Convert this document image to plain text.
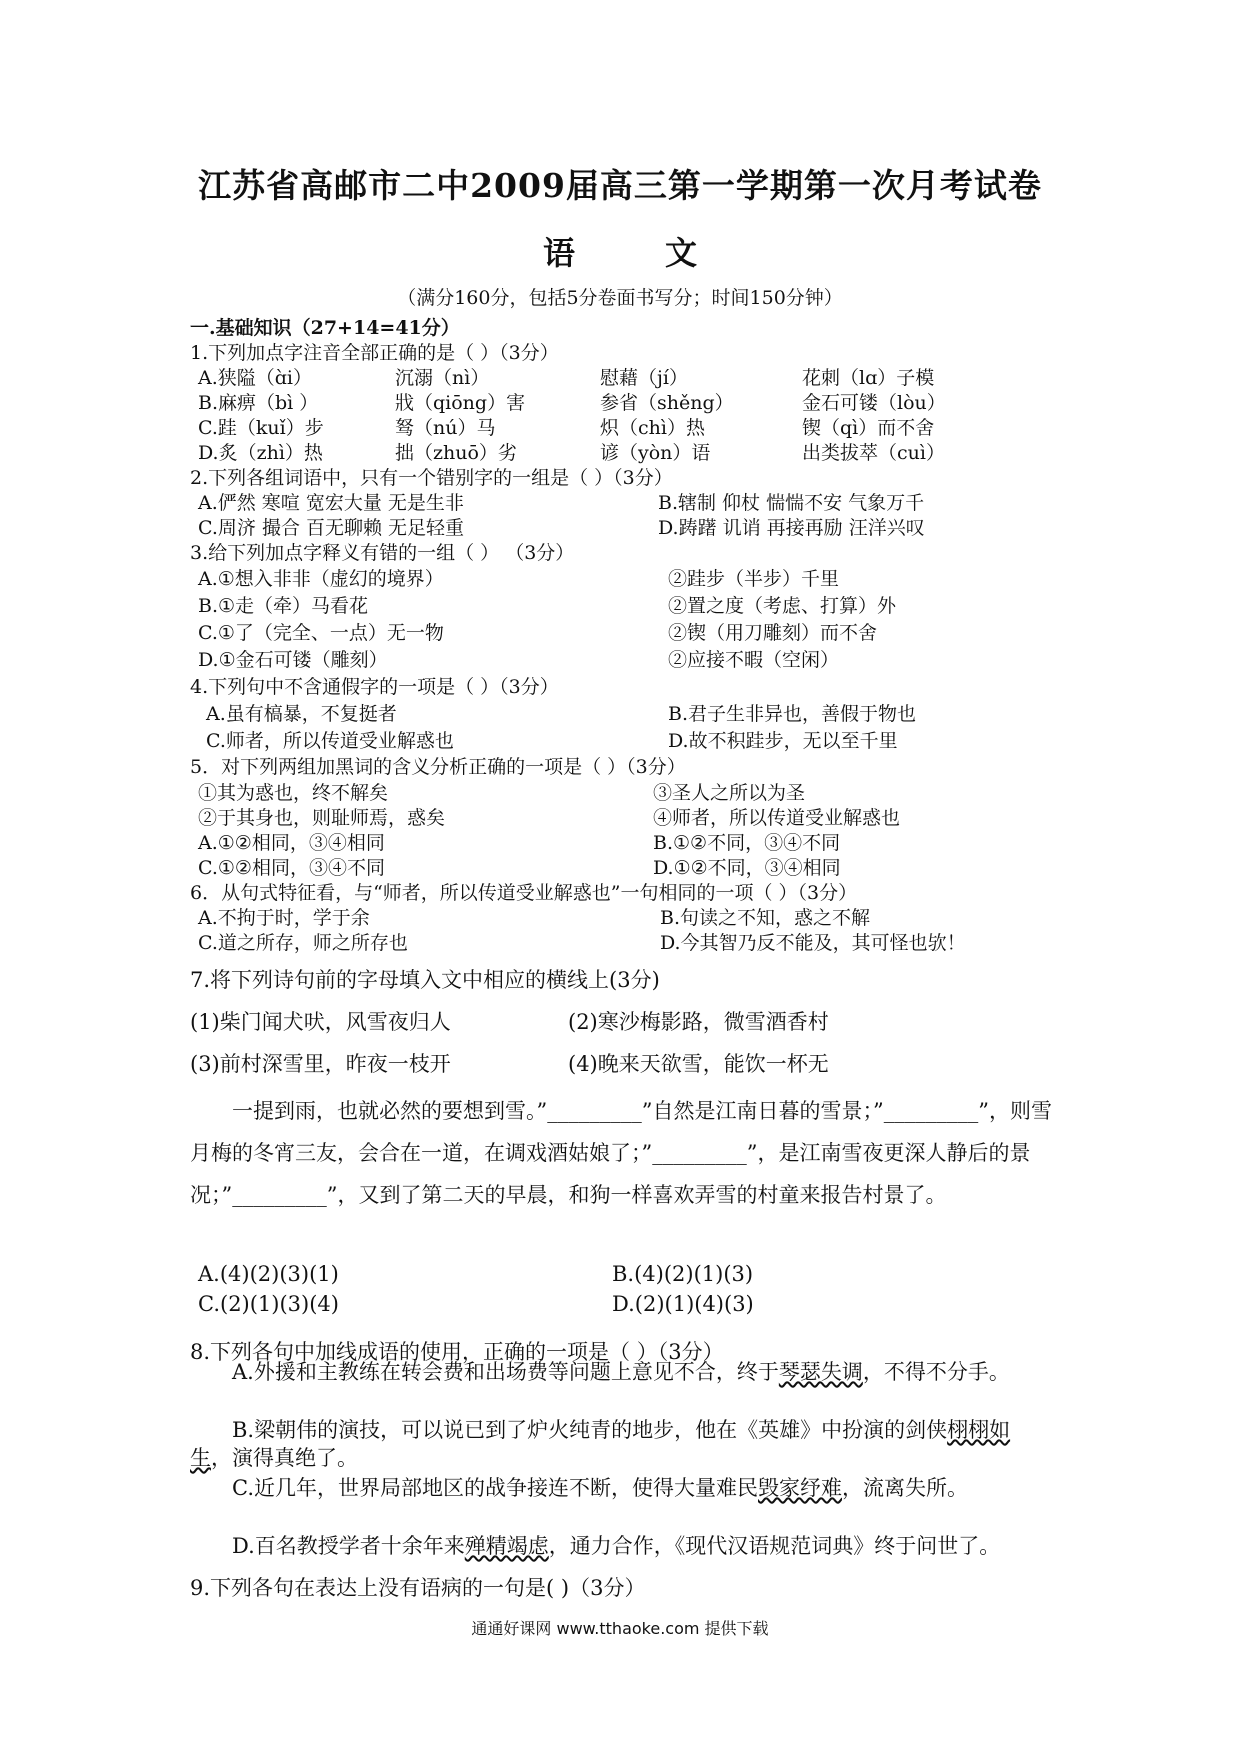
江苏省高邮市二中2009届高三第一学期第一次月考试卷
语文
（满分160分，包括5分卷面书写分；时间150分钟）
一.基础知识（27+14=41分）
1.下列加点字注音全部正确的是（ ）（3分）
A.狭隘（ɑ̀i）	沉溺（nì）	慰藉（jí）	花刺（lɑ）子模
B.麻痹（bì ）	戕（qiōng）害	参省（shěng）	金石可镂（lòu）
C.跬（kuǐ）步	驽（nú）马	炽（chì）热	锲（qì）而不舍
D.炙（zhì）热	拙（zhuō）劣	谚（yòn）语	出类拔萃（cuì）
2.下列各组词语中，只有一个错别字的一组是（ ）（3分）
A.俨然 寒喧 宽宏大量 无是生非	B.辖制 仰杖 惴惴不安 气象万千
C.周济 撮合 百无聊赖 无足轻重	D.踌躇 讥诮 再接再励 汪洋兴叹
3.给下列加点字释义有错的一组（ ） （3分）
A.①想入非非（虚幻的境界）	②跬步（半步）千里
B.①走（牵）马看花	②置之度（考虑、打算）外
C.①了（完全、一点）无一物	②锲（用刀雕刻）而不舍
D.①金石可镂（雕刻）	②应接不暇（空闲）
4.下列句中不含通假字的一项是（ ）（3分）
A.虽有槁暴，不复挺者	B.君子生非异也，善假于物也
C.师者，所以传道受业解惑也	D.故不积跬步，无以至千里
5．对下列两组加黑词的含义分析正确的一项是（ ）（3分）
①其为惑也，终不解矣	③圣人之所以为圣
②于其身也，则耻师焉，惑矣	④师者，所以传道受业解惑也
A.①②相同，③④相同	B.①②不同，③④不同
C.①②相同，③④不同	D.①②不同，③④相同
6．从句式特征看，与“师者，所以传道受业解惑也”一句相同的一项（ ）（3分）
A.不拘于时，学于余	B.句读之不知，惑之不解
C.道之所存，师之所存也	D.今其智乃反不能及，其可怪也欤！
7.将下列诗句前的字母填入文中相应的横线上(3分)
(1)柴门闻犬吠，风雪夜归人	(2)寒沙梅影路，微雪酒香村
(3)前村深雪里，昨夜一枝开	(4)晚来天欲雪，能饮一杯无
一提到雨，也就必然的要想到雪。”_________”自然是江南日暮的雪景；”_________”，则雪月梅的冬宵三友，会合在一道，在调戏酒姑娘了；”_________”，是江南雪夜更深人静后的景况；”_________”，又到了第二天的早晨，和狗一样喜欢弄雪的村童来报告村景了。
A.(4)(2)(3)(1)	B.(4)(2)(1)(3)
C.(2)(1)(3)(4)	D.(2)(1)(4)(3)
8.下列各句中加线成语的使用，正确的一项是（ ）（3分）
A.外援和主教练在转会费和出场费等问题上意见不合，终于琴瑟失调，不得不分手。
B.梁朝伟的演技，可以说已到了炉火纯青的地步，他在《英雄》中扮演的剑侠栩栩如生，演得真绝了。
C.近几年，世界局部地区的战争接连不断，使得大量难民毁家纾难，流离失所。
D.百名教授学者十余年来殚精竭虑，通力合作，《现代汉语规范词典》终于问世了。
9.下列各句在表达上没有语病的一句是( )（3分）
通通好课网 www.tthaoke.com 提供下载
